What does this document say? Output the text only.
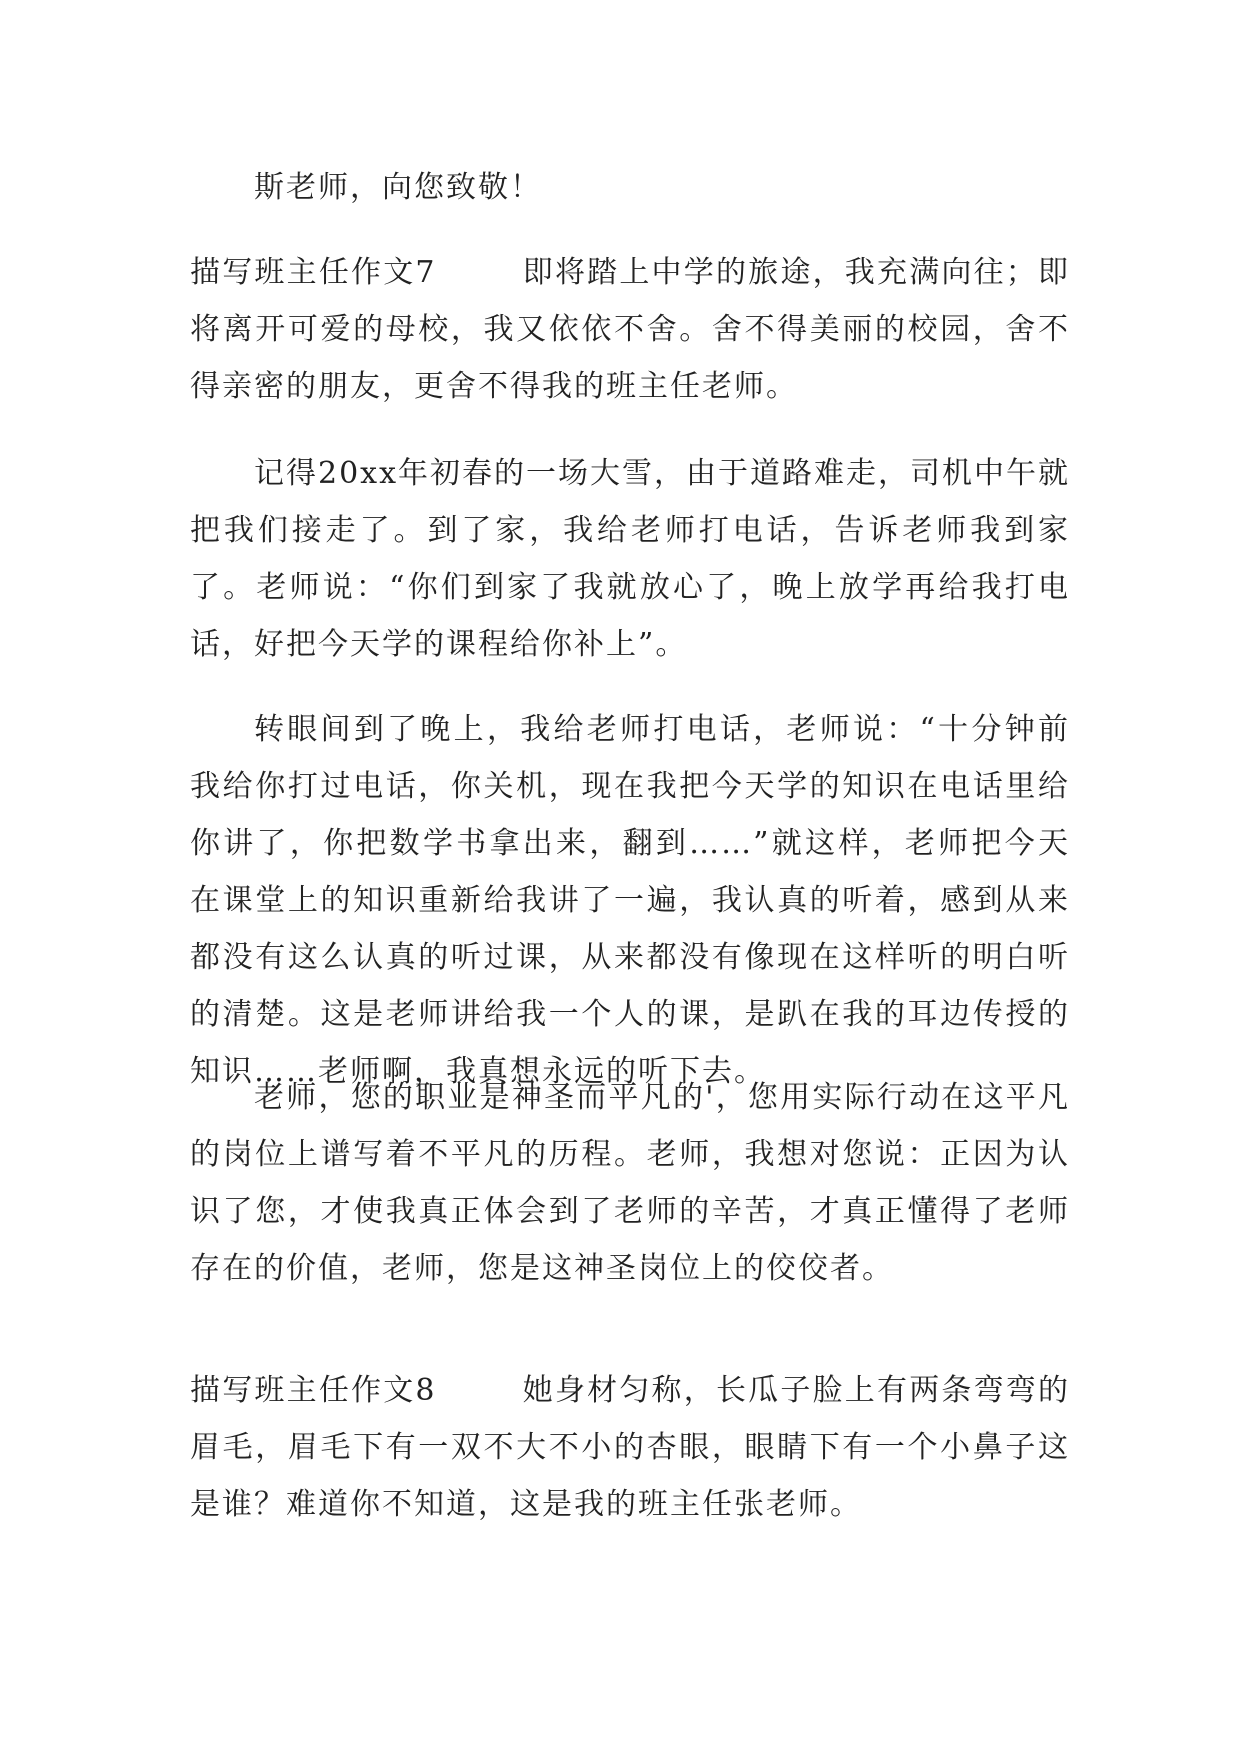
斯老师，向您致敬！

描写班主任作文7	即将踏上中学的旅途，我充满向往；即将离开可爱的母校，我又依依不舍。舍不得美丽的校园，舍不得亲密的朋友，更舍不得我的班主任老师。

记得20xx年初春的一场大雪，由于道路难走，司机中午就把我们接走了。到了家，我给老师打电话，告诉老师我到家了。老师说：“你们到家了我就放心了，晚上放学再给我打电话，好把今天学的课程给你补上”。

转眼间到了晚上，我给老师打电话，老师说：“十分钟前我给你打过电话，你关机，现在我把今天学的知识在电话里给你讲了，你把数学书拿出来，翻到……”就这样，老师把今天在课堂上的知识重新给我讲了一遍，我认真的听着，感到从来都没有这么认真的听过课，从来都没有像现在这样听的明白听的清楚。这是老师讲给我一个人的课，是趴在我的耳边传授的知识……老师啊，我真想永远的听下去。

老师，您的职业是神圣而平凡的'，您用实际行动在这平凡的岗位上谱写着不平凡的历程。老师，我想对您说：正因为认识了您，才使我真正体会到了老师的辛苦，才真正懂得了老师存在的价值，老师，您是这神圣岗位上的佼佼者。

描写班主任作文8	她身材匀称，长瓜子脸上有两条弯弯的眉毛，眉毛下有一双不大不小的杏眼，眼睛下有一个小鼻子这是谁？难道你不知道，这是我的班主任张老师。
